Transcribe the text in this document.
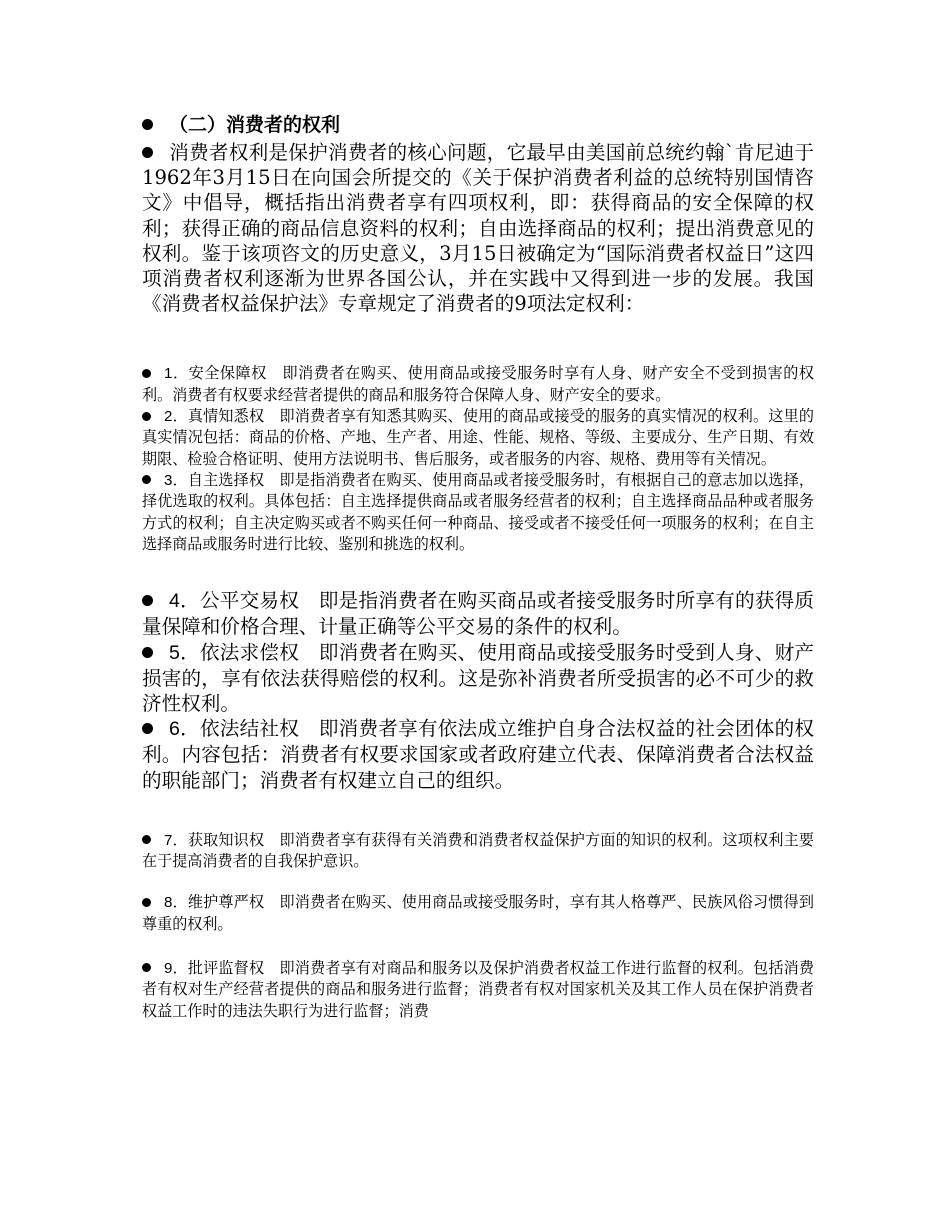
（二）消费者的权利

消费者权利是保护消费者的核心问题，它最早由美国前总统约翰`肯尼迪于1962年3月15日在向国会所提交的《关于保护消费者利益的总统特别国情咨文》中倡导，概括指出消费者享有四项权利，即：获得商品的安全保障的权利；获得正确的商品信息资料的权利；自由选择商品的权利；提出消费意见的权利。鉴于该项咨文的历史意义，3月15日被确定为“国际消费者权益日”这四项消费者权利逐渐为世界各国公认，并在实践中又得到进一步的发展。我国《消费者权益保护法》专章规定了消费者的9项法定权利：

1．安全保障权　即消费者在购买、使用商品或接受服务时享有人身、财产安全不受到损害的权利。消费者有权要求经营者提供的商品和服务符合保障人身、财产安全的要求。

2．真情知悉权　即消费者享有知悉其购买、使用的商品或接受的服务的真实情况的权利。这里的真实情况包括：商品的价格、产地、生产者、用途、性能、规格、等级、主要成分、生产日期、有效期限、检验合格证明、使用方法说明书、售后服务，或者服务的内容、规格、费用等有关情况。

3．自主选择权　即是指消费者在购买、使用商品或者接受服务时，有根据自己的意志加以选择，择优选取的权利。具体包括：自主选择提供商品或者服务经营者的权利；自主选择商品品种或者服务方式的权利；自主决定购买或者不购买任何一种商品、接受或者不接受任何一项服务的权利；在自主选择商品或服务时进行比较、鉴别和挑选的权利。

4．公平交易权　即是指消费者在购买商品或者接受服务时所享有的获得质量保障和价格合理、计量正确等公平交易的条件的权利。

5．依法求偿权　即消费者在购买、使用商品或接受服务时受到人身、财产损害的，享有依法获得赔偿的权利。这是弥补消费者所受损害的必不可少的救济性权利。

6．依法结社权　即消费者享有依法成立维护自身合法权益的社会团体的权利。内容包括：消费者有权要求国家或者政府建立代表、保障消费者合法权益的职能部门；消费者有权建立自己的组织。

7．获取知识权　即消费者享有获得有关消费和消费者权益保护方面的知识的权利。这项权利主要在于提高消费者的自我保护意识。

8．维护尊严权　即消费者在购买、使用商品或接受服务时，享有其人格尊严、民族风俗习惯得到尊重的权利。

9．批评监督权　即消费者享有对商品和服务以及保护消费者权益工作进行监督的权利。包括消费者有权对生产经营者提供的商品和服务进行监督；消费者有权对国家机关及其工作人员在保护消费者权益工作时的违法失职行为进行监督；消费
